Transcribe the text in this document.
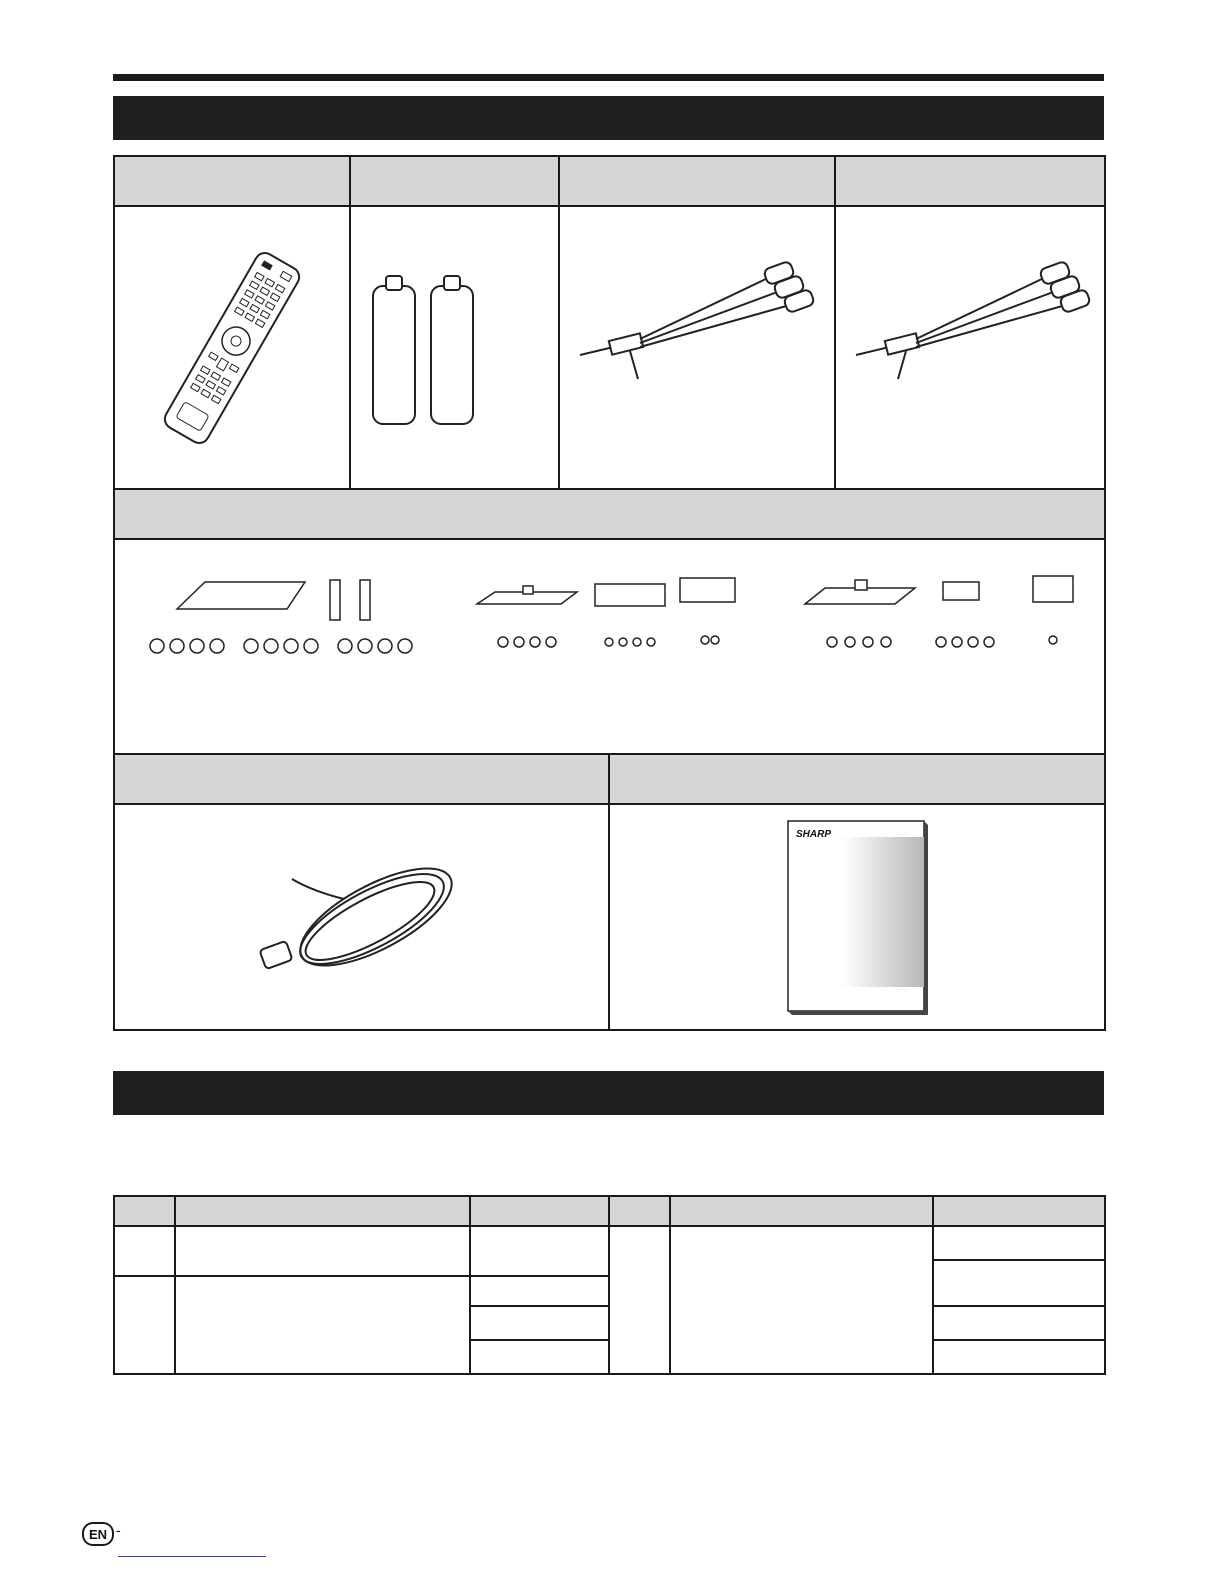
SHARP

EN -
